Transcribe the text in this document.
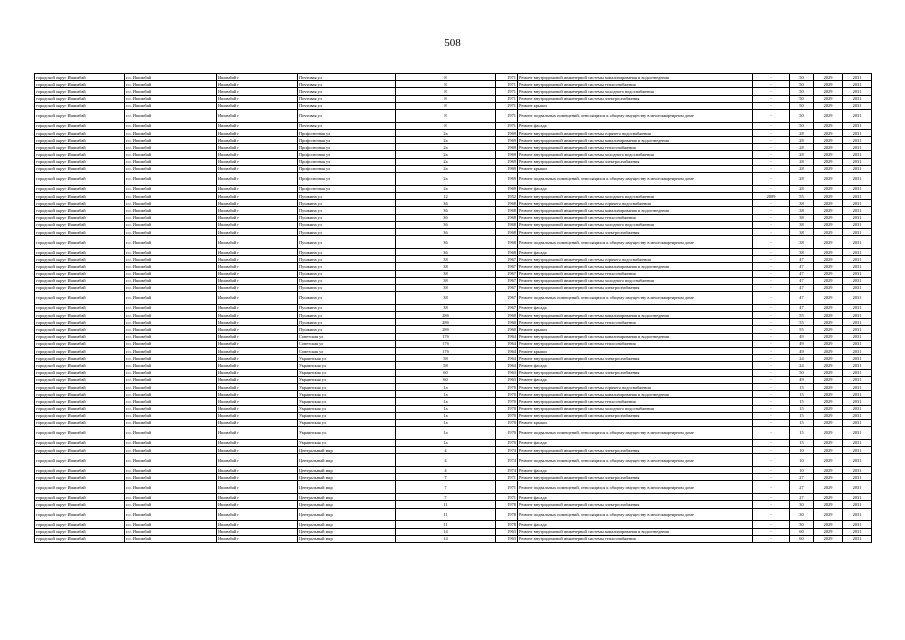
508
городской округ Ишимбай	г.о. Ишимбай	Ишимбай г	Почтовая ул	8	1971	Ремонт внутридомовой инженерной системы канализирования и водоотведения	-	50	2029	2031
городской округ Ишимбай	г.о. Ишимбай	Ишимбай г	Почтовая ул	8	1971	Ремонт внутридомовой инженерной системы теплоснабжения	-	50	2029	2031
городской округ Ишимбай	г.о. Ишимбай	Ишимбай г	Почтовая ул	8	1971	Ремонт внутридомовой инженерной системы холодного водоснабжения	-	50	2029	2031
городской округ Ишимбай	г.о. Ишимбай	Ишимбай г	Почтовая ул	8	1971	Ремонт внутридомовой инженерной системы электроснабжения	-	50	2029	2031
городской округ Ишимбай	г.о. Ишимбай	Ишимбай г	Почтовая ул	8	1971	Ремонт крыши	-	50	2029	2031
городской округ Ишимбай	г.о. Ишимбай	Ишимбай г	Почтовая ул	8	1971	Ремонт подвальных помещений, относящихся к общему имуществу в многоквартирном доме	-	50	2029	2031
городской округ Ишимбай	г.о. Ишимбай	Ишимбай г	Почтовая ул	8	1971	Ремонт фасада	-	50	2029	2031
городской округ Ишимбай	г.о. Ишимбай	Ишимбай г	Профсоюзная ул	2а	1969	Ремонт внутридомовой инженерной системы горячего водоснабжения	-	28	2029	2031
городской округ Ишимбай	г.о. Ишимбай	Ишимбай г	Профсоюзная ул	2а	1969	Ремонт внутридомовой инженерной системы канализирования и водоотведения	-	28	2029	2031
городской округ Ишимбай	г.о. Ишимбай	Ишимбай г	Профсоюзная ул	2а	1969	Ремонт внутридомовой инженерной системы теплоснабжения	-	28	2029	2031
городской округ Ишимбай	г.о. Ишимбай	Ишимбай г	Профсоюзная ул	2а	1969	Ремонт внутридомовой инженерной системы холодного водоснабжения	-	28	2029	2031
городской округ Ишимбай	г.о. Ишимбай	Ишимбай г	Профсоюзная ул	2а	1969	Ремонт внутридомовой инженерной системы электроснабжения	-	28	2029	2031
городской округ Ишимбай	г.о. Ишимбай	Ишимбай г	Профсоюзная ул	2а	1969	Ремонт крыши	-	28	2029	2031
городской округ Ишимбай	г.о. Ишимбай	Ишимбай г	Профсоюзная ул	2а	1969	Ремонт подвальных помещений, относящихся к общему имуществу в многоквартирном доме	-	28	2029	2031
городской округ Ишимбай	г.о. Ишимбай	Ишимбай г	Профсоюзная ул	2а	1969	Ремонт фасада	-	28	2029	2031
городской округ Ишимбай	г.о. Ишимбай	Ишимбай г	Пушкина ул	12	1952	Ремонт внутридомовой инженерной системы холодного водоснабжения	2009	55	2029	2031
городской округ Ишимбай	г.о. Ишимбай	Ишимбай г	Пушкина ул	36	1968	Ремонт внутридомовой инженерной системы горячего водоснабжения	-	38	2029	2031
городской округ Ишимбай	г.о. Ишимбай	Ишимбай г	Пушкина ул	36	1968	Ремонт внутридомовой инженерной системы канализирования и водоотведения	-	38	2029	2031
городской округ Ишимбай	г.о. Ишимбай	Ишимбай г	Пушкина ул	36	1968	Ремонт внутридомовой инженерной системы теплоснабжения	-	38	2029	2031
городской округ Ишимбай	г.о. Ишимбай	Ишимбай г	Пушкина ул	36	1968	Ремонт внутридомовой инженерной системы холодного водоснабжения	-	38	2029	2031
городской округ Ишимбай	г.о. Ишимбай	Ишимбай г	Пушкина ул	36	1968	Ремонт внутридомовой инженерной системы электроснабжения	-	38	2029	2031
городской округ Ишимбай	г.о. Ишимбай	Ишимбай г	Пушкина ул	36	1968	Ремонт подвальных помещений, относящихся к общему имуществу в многоквартирном доме	-	38	2029	2031
городской округ Ишимбай	г.о. Ишимбай	Ишимбай г	Пушкина ул	36	1968	Ремонт фасада	-	38	2029	2031
городской округ Ишимбай	г.о. Ишимбай	Ишимбай г	Пушкина ул	38	1967	Ремонт внутридомовой инженерной системы горячего водоснабжения	-	47	2029	2031
городской округ Ишимбай	г.о. Ишимбай	Ишимбай г	Пушкина ул	38	1967	Ремонт внутридомовой инженерной системы канализирования и водоотведения	-	47	2029	2031
городской округ Ишимбай	г.о. Ишимбай	Ишимбай г	Пушкина ул	38	1967	Ремонт внутридомовой инженерной системы теплоснабжения	-	47	2029	2031
городской округ Ишимбай	г.о. Ишимбай	Ишимбай г	Пушкина ул	38	1967	Ремонт внутридомовой инженерной системы холодного водоснабжения	-	47	2029	2031
городской округ Ишимбай	г.о. Ишимбай	Ишимбай г	Пушкина ул	38	1967	Ремонт внутридомовой инженерной системы электроснабжения	-	47	2029	2031
городской округ Ишимбай	г.о. Ишимбай	Ишимбай г	Пушкина ул	38	1967	Ремонт подвальных помещений, относящихся к общему имуществу в многоквартирном доме	-	47	2029	2031
городской округ Ишимбай	г.о. Ишимбай	Ишимбай г	Пушкина ул	38	1967	Ремонт фасада	-	47	2029	2031
городской округ Ишимбай	г.о. Ишимбай	Ишимбай г	Пушкина ул	28б	1960	Ремонт внутридомовой инженерной системы канализирования и водоотведения	-	55	2029	2031
городской округ Ишимбай	г.о. Ишимбай	Ишимбай г	Пушкина ул	28б	1960	Ремонт внутридомовой инженерной системы теплоснабжения	-	55	2029	2031
городской округ Ишимбай	г.о. Ишимбай	Ишимбай г	Пушкина ул	28б	1960	Ремонт крыши	-	55	2029	2031
городской округ Ишимбай	г.о. Ишимбай	Ишимбай г	Советская ул	17б	1964	Ремонт внутридомовой инженерной системы канализирования и водоотведения	-	49	2029	2031
городской округ Ишимбай	г.о. Ишимбай	Ишимбай г	Советская ул	17б	1964	Ремонт внутридомовой инженерной системы теплоснабжения	-	49	2029	2031
городской округ Ишимбай	г.о. Ишимбай	Ишимбай г	Советская ул	17б	1964	Ремонт крыши	-	49	2029	2031
городской округ Ишимбай	г.о. Ишимбай	Ишимбай г	Украинская ул	58	1964	Ремонт внутридомовой инженерной системы электроснабжения	-	24	2029	2031
городской округ Ишимбай	г.о. Ишимбай	Ишимбай г	Украинская ул	58	1964	Ремонт фасада	-	24	2029	2031
городской округ Ишимбай	г.о. Ишимбай	Ишимбай г	Украинская ул	60	1963	Ремонт внутридомовой инженерной системы электроснабжения	-	50	2029	2031
городской округ Ишимбай	г.о. Ишимбай	Ишимбай г	Украинская ул	60	1963	Ремонт фасада	-	49	2029	2031
городской округ Ишимбай	г.о. Ишимбай	Ишимбай г	Украинская ул	1а	1970	Ремонт внутридомовой инженерной системы горячего водоснабжения	-	15	2029	2031
городской округ Ишимбай	г.о. Ишимбай	Ишимбай г	Украинская ул	1а	1970	Ремонт внутридомовой инженерной системы канализирования и водоотведения	-	15	2029	2031
городской округ Ишимбай	г.о. Ишимбай	Ишимбай г	Украинская ул	1а	1970	Ремонт внутридомовой инженерной системы теплоснабжения	-	15	2029	2031
городской округ Ишимбай	г.о. Ишимбай	Ишимбай г	Украинская ул	1а	1970	Ремонт внутридомовой инженерной системы холодного водоснабжения	-	15	2029	2031
городской округ Ишимбай	г.о. Ишимбай	Ишимбай г	Украинская ул	1а	1970	Ремонт внутридомовой инженерной системы электроснабжения	-	15	2029	2031
городской округ Ишимбай	г.о. Ишимбай	Ишимбай г	Украинская ул	1а	1970	Ремонт крыши	-	15	2029	2031
городской округ Ишимбай	г.о. Ишимбай	Ишимбай г	Украинская ул	1а	1970	Ремонт подвальных помещений, относящихся к общему имуществу в многоквартирном доме	-	15	2029	2031
городской округ Ишимбай	г.о. Ишимбай	Ишимбай г	Украинская ул	1а	1970	Ремонт фасада	-	15	2029	2031
городской округ Ишимбай	г.о. Ишимбай	Ишимбай г	Центральный мкр	4	1974	Ремонт внутридомовой инженерной системы электроснабжения	-	10	2029	2031
городской округ Ишимбай	г.о. Ишимбай	Ишимбай г	Центральный мкр	4	1974	Ремонт подвальных помещений, относящихся к общему имуществу в многоквартирном доме	-	10	2029	2031
городской округ Ишимбай	г.о. Ишимбай	Ишимбай г	Центральный мкр	4	1974	Ремонт фасада	-	10	2029	2031
городской округ Ишимбай	г.о. Ишимбай	Ишимбай г	Центральный мкр	7	1971	Ремонт внутридомовой инженерной системы электроснабжения	-	27	2029	2031
городской округ Ишимбай	г.о. Ишимбай	Ишимбай г	Центральный мкр	7	1971	Ремонт подвальных помещений, относящихся к общему имуществу в многоквартирном доме	-	27	2029	2031
городской округ Ишимбай	г.о. Ишимбай	Ишимбай г	Центральный мкр	7	1971	Ремонт фасада	-	27	2029	2031
городской округ Ишимбай	г.о. Ишимбай	Ишимбай г	Центральный мкр	11	1978	Ремонт внутридомовой инженерной системы электроснабжения	-	30	2029	2031
городской округ Ишимбай	г.о. Ишимбай	Ишимбай г	Центральный мкр	11	1978	Ремонт подвальных помещений, относящихся к общему имуществу в многоквартирном доме	-	30	2029	2031
городской округ Ишимбай	г.о. Ишимбай	Ишимбай г	Центральный мкр	11	1978	Ремонт фасада	-	30	2029	2031
городской округ Ишимбай	г.о. Ишимбай	Ишимбай г	Центральный мкр	14	1963	Ремонт внутридомовой инженерной системы канализирования и водоотведения	-	60	2029	2031
городской округ Ишимбай	г.о. Ишимбай	Ишимбай г	Центральный мкр	14	1963	Ремонт внутридомовой инженерной системы теплоснабжения	-	60	2029	2031
